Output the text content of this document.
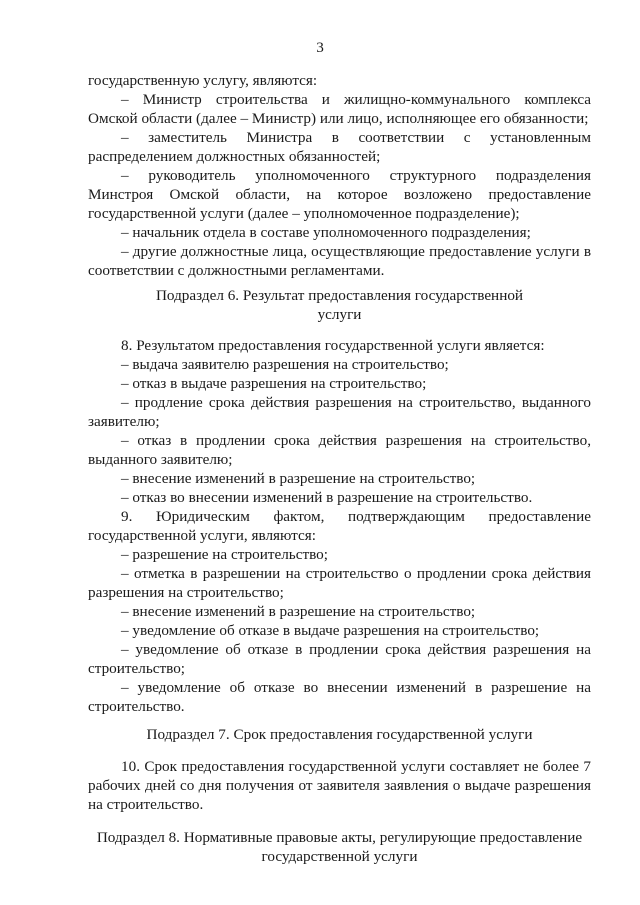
3
государственную услугу, являются:
– Министр строительства и жилищно-коммунального комплекса
Омской области (далее – Министр) или лицо, исполняющее его обязанности;
– заместитель Министра в соответствии с установленным
распределением должностных обязанностей;
– руководитель уполномоченного структурного подразделения
Минстроя Омской области, на которое возложено предоставление
государственной услуги (далее – уполномоченное подразделение);
– начальник отдела в составе уполномоченного подразделения;
– другие должностные лица, осуществляющие предоставление услуги в
соответствии с должностными регламентами.
Подраздел 6. Результат предоставления государственной
услуги
8. Результатом предоставления государственной услуги является:
– выдача заявителю разрешения на строительство;
– отказ в выдаче разрешения на строительство;
– продление срока действия разрешения на строительство, выданного
заявителю;
– отказ в продлении срока действия разрешения на строительство,
выданного заявителю;
– внесение изменений в разрешение на строительство;
– отказ во внесении изменений в разрешение на строительство.
9. Юридическим фактом, подтверждающим предоставление
государственной услуги, являются:
– разрешение на строительство;
– отметка в разрешении на строительство о продлении срока действия
разрешения на строительство;
– внесение изменений в разрешение на строительство;
– уведомление об отказе в выдаче разрешения на строительство;
– уведомление об отказе в продлении срока действия разрешения на
строительство;
– уведомление об отказе во внесении изменений в разрешение на
строительство.
Подраздел 7. Срок предоставления государственной услуги
10. Срок предоставления государственной услуги составляет не более 7
рабочих дней со дня получения от заявителя заявления о выдаче разрешения
на строительство.
Подраздел 8. Нормативные правовые акты, регулирующие предоставление
государственной услуги
